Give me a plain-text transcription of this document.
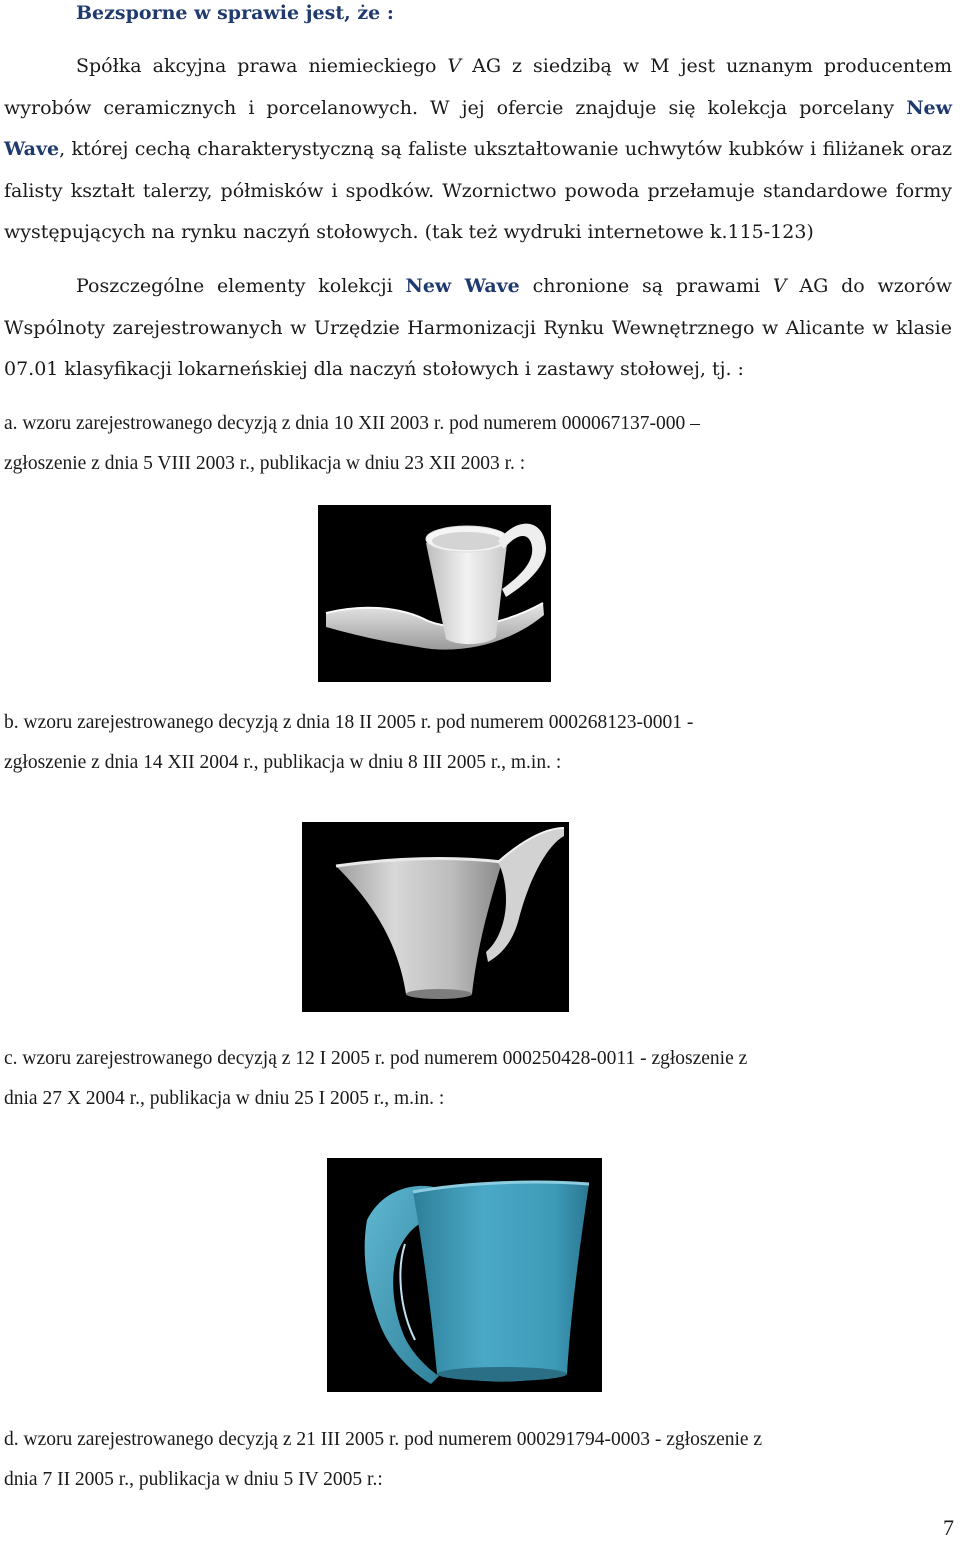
Bezsporne w sprawie jest, że :

Spółka akcyjna prawa niemieckiego V AG z siedzibą w M jest uznanym producentem wyrobów ceramicznych i porcelanowych. W jej ofercie znajduje się kolekcja porcelany New Wave, której cechą charakterystyczną są faliste ukształtowanie uchwytów kubków i filiżanek oraz falisty kształt talerzy, półmisków i spodków. Wzornictwo powoda przełamuje standardowe formy występujących na rynku naczyń stołowych. (tak też wydruki internetowe k.115-123)

Poszczególne elementy kolekcji New Wave chronione są prawami V AG do wzorów Wspólnoty zarejestrowanych w Urzędzie Harmonizacji Rynku Wewnętrznego w Alicante w klasie 07.01 klasyfikacji lokarneńskiej dla naczyń stołowych i zastawy stołowej, tj. :

a. wzoru zarejestrowanego decyzją z dnia 10 XII 2003 r. pod numerem 000067137-000 –
zgłoszenie z dnia 5 VIII 2003 r., publikacja w dniu 23 XII 2003 r. :

b. wzoru zarejestrowanego decyzją z dnia 18 II 2005 r. pod numerem 000268123-0001 -
zgłoszenie z dnia 14 XII 2004 r., publikacja w dniu 8 III 2005 r., m.in. :

c. wzoru zarejestrowanego decyzją z 12 I 2005 r. pod numerem 000250428-0011 - zgłoszenie z
dnia 27 X 2004 r., publikacja w dniu 25 I 2005 r., m.in. :

d. wzoru zarejestrowanego decyzją z 21 III 2005 r. pod numerem 000291794-0003 - zgłoszenie z
dnia 7 II 2005 r., publikacja w dniu 5 IV 2005 r.:

7
